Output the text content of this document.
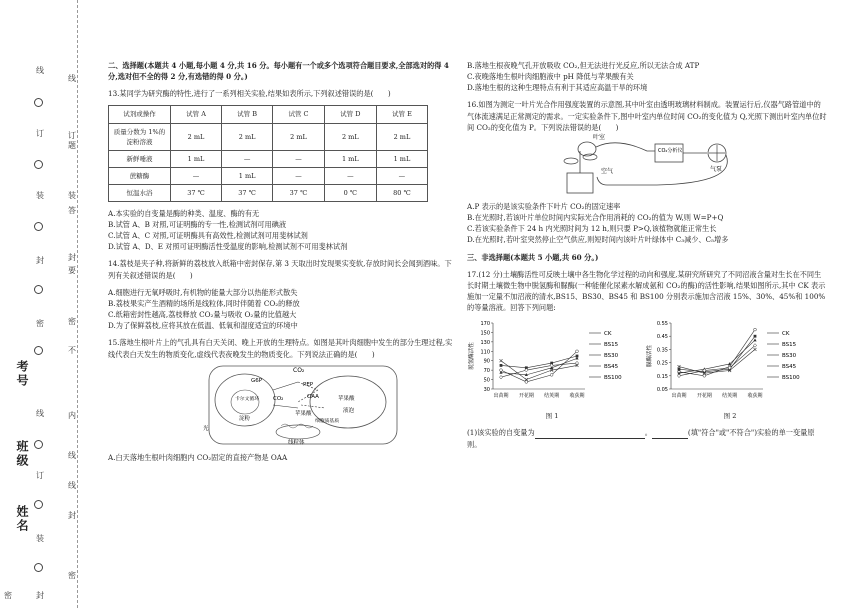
姓名
班级
考号
密
线
订
装
封
密
线
订
装
封
线
订
装
封
密
线
封
密
题
答
要
不
内
线
二、选择题(本题共 4 小题,每小题 4 分,共 16 分。每小题有一个或多个选项符合题目要求,全部选对的得 4 分,选对但不全的得 2 分,有选错的得 0 分。)
13.某同学为研究酶的特性,进行了一系列相关实验,结果如表所示,下列叙述错误的是(　　)
试剂或操作	试管 A	试管 B	试管 C	试管 D	试管 E
质量分数为 1%的淀粉溶液	2 mL	2 mL	2 mL	2 mL	2 mL
新鲜唾液	1 mL	—	—	1 mL	1 mL
蔗糖酶	—	1 mL	—	—	—
恒温水浴	37 ℃	37 ℃	37 ℃	0 ℃	80 ℃
A.本实验的自变量是酶的种类、温度、酶的有无
B.试管 A、B 对照,可证明酶的专一性,检测试剂可用碘液
C.试管 A、C 对照,可证明酶具有高效性,检测试剂可用斐林试剂
D.试管 A、D、E 对照可证明酶活性受温度的影响,检测试剂不可用斐林试剂
14.荔枝是夹子种,将新鲜的荔枝放入纸箱中密封保存,第 3 天取出时发现果实变软,存放时间长会闻到酒味。下列有关叙述错误的是(　　)
A.细胞进行无氧呼吸时,有机物的能量大部分以热能形式散失
B.荔枝果实产生酒精的场所是线粒体,同时伴随着 CO₂的释放
C.纸箱密封性越高,荔枝释放 CO₂量与吸收 O₂量的比值越大
D.为了保鲜荔枝,应将其放在低温、低氧和湿度适宜的环境中
15.落地生根叶片上的气孔具有白天关闭、晚上开放的生理特点。如图是其叶肉细胞中发生的部分生理过程,实线代表白天发生的物质变化,虚线代表夜晚发生的物质变化。下列说法正确的是(　　)
CO₂
G6P
PEP
OAA
CO₂
卡尔文循环
淀粉
苹果酸
苹果酸
液泡
细胞质基质
线粒体
光
A.白天落地生根叶肉细胞内 CO₂固定的直接产物是 OAA
B.落地生根夜晚气孔开放吸收 CO₂,但无法进行光反应,所以无法合成 ATP
C.夜晚落地生根叶肉细胞液中 pH 降低与苹果酸有关
D.落地生根的这种生理特点有利于其适应高温干旱的环境
16.如图为测定一叶片光合作用强度装置的示意图,其中叶室由透明玻璃材料制成。装置运行后,仪器气路管道中的气体流速满足正常测定的需求。一定实验条件下,图中叶室内单位时间 CO₂的变化值为 Q,光照下测出叶室内单位时间 CO₂的变化值为 P。下列说法错误的是(　　)
叶室
空气
CO₂分析仪
气泵
A.P 表示的是该实验条件下叶片 CO₂的固定速率
B.在光照时,若该叶片单位时间内实际光合作用消耗的 CO₂的值为 W,则 W=P+Q
C.若该实验条件下 24 h 内光照时间为 12 h,则只要 P>Q,该植物就能正常生长
D.在光照时,若叶室突然停止空气供应,则短时间内该叶片叶绿体中 C₃减少、C₅增多
三、非选择题(本题共 5 小题,共 60 分。)
17.(12 分)土壤酶活性可反映土壤中各生物化学过程的动向和强度,某研究所研究了不同沼液含量对生长在不同生长时期土壤微生物中脱氢酶和脲酶(一种能催化尿素水解成氨和 CO₂的酶)的活性影响,结果如图所示,其中 CK 表示施加一定量不加沼液的清水,BS15、BS30、BS45 和 BS100 分别表示施加含沼液 15%、30%、45%和 100%的等量溶液。回答下列问题:
30
50
70
90
110
130
150
170
脱氢酶活性
出苗期 开花期 结荚期 收获期
CK
BS15
BS30
BS45
BS100
图 1
0.05
0.15
0.25
0.35
0.45
0.55
脲酶活性
出苗期 开花期 结荚期 收获期
CK
BS15
BS30
BS45
BS100
图 2
(1)该实验的自变量为	。	(填"符合"或"不符合")实验的单一变量原则。
